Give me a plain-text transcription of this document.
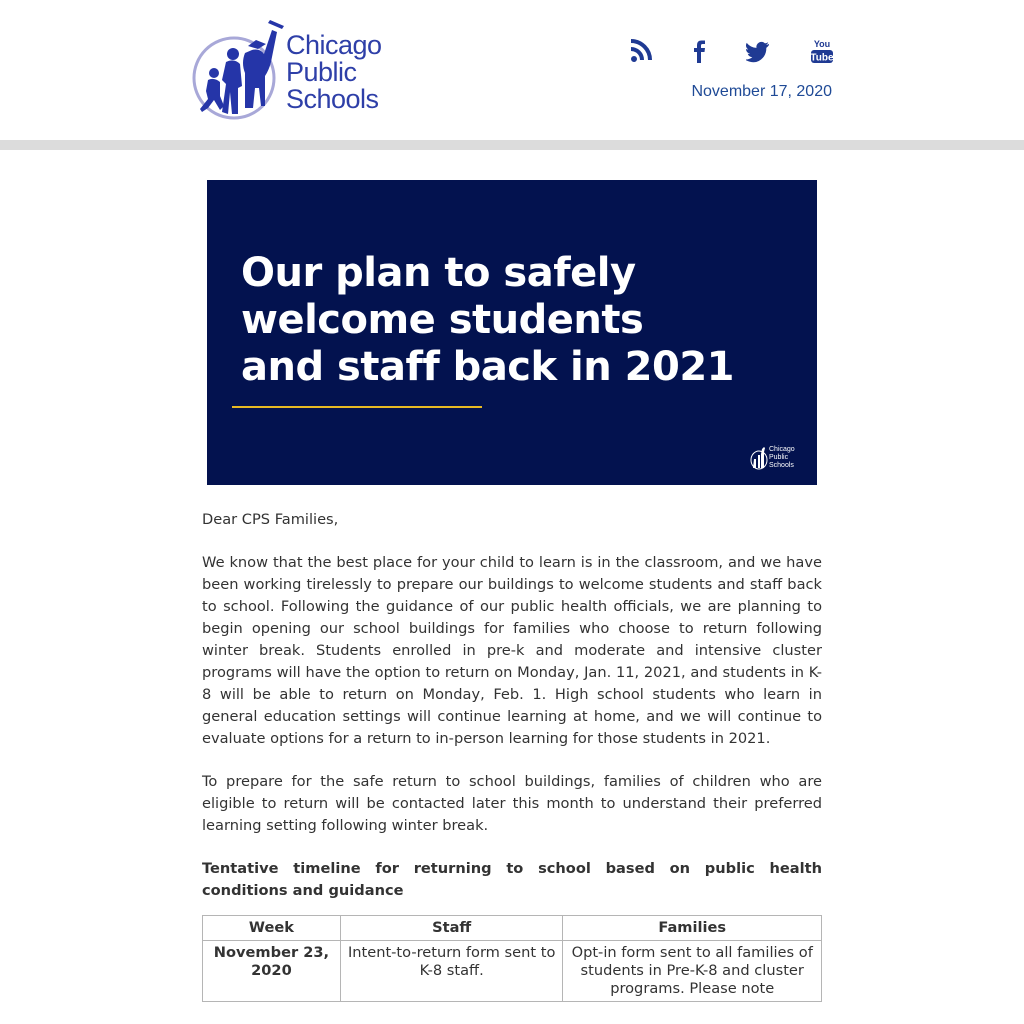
Chicago
Public
Schools
You
Tube
November 17, 2020
Our plan to safely
welcome students
and staff back in 2021
Chicago
Public
Schools

Dear CPS Families,

We know that the best place for your child to learn is in the classroom, and we have been working tirelessly to prepare our buildings to welcome students and staff back to school. Following the guidance of our public health officials, we are planning to begin opening our school buildings for families who choose to return following winter break. Students enrolled in pre-k and moderate and intensive cluster programs will have the option to return on Monday, Jan. 11, 2021, and students in K-8 will be able to return on Monday, Feb. 1. High school students who learn in general education settings will continue learning at home, and we will continue to evaluate options for a return to in-person learning for those students in 2021.

To prepare for the safe return to school buildings, families of children who are eligible to return will be contacted later this month to understand their preferred learning setting following winter break.

Tentative timeline for returning to school based on public health conditions and guidance
Week	Staff	Families
November 23, 2020	Intent-to-return form sent to K-8 staff.	Opt-in form sent to all families of students in Pre-K-8 and cluster programs. Please note
